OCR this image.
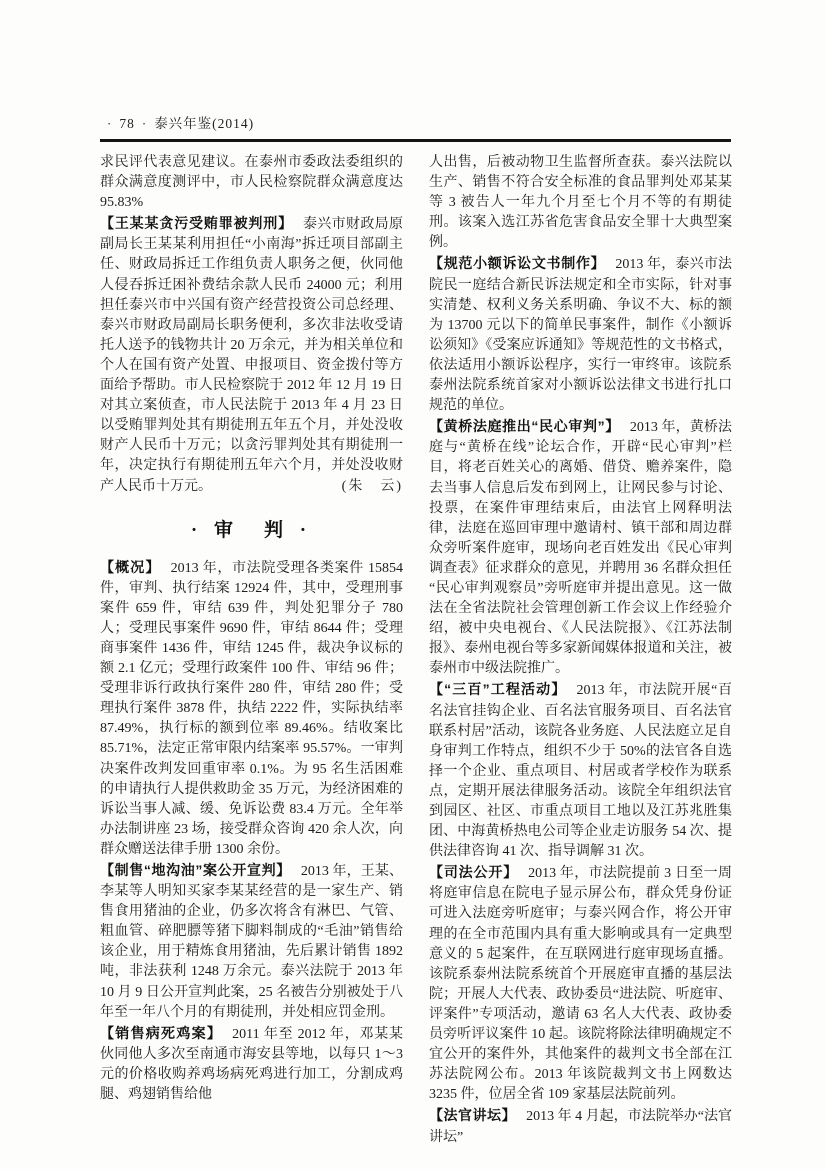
· 78 · 泰兴年鉴(2014)

求民评代表意见建议。在泰州市委政法委组织的群众满意度测评中，市人民检察院群众满意度达95.83%

【王某某贪污受贿罪被判刑】 泰兴市财政局原副局长王某某利用担任“小南海”拆迁项目部副主任、财政局拆迁工作组负责人职务之便，伙同他人侵吞拆迁困补费结余款人民币 24000 元；利用担任泰兴市中兴国有资产经营投资公司总经理、泰兴市财政局副局长职务便利，多次非法收受请托人送予的钱物共计 20 万余元，并为相关单位和个人在国有资产处置、申报项目、资金拨付等方面给予帮助。市人民检察院于 2012 年 12 月 19 日对其立案侦查，市人民法院于 2013 年 4 月 23 日以受贿罪判处其有期徒刑五年五个月，并处没收财产人民币十万元；以贪污罪判处其有期徒刑一年，决定执行有期徒刑五年六个月，并处没收财产人民币十万元。	(朱　云)

· 审　判 ·

【概况】 2013 年，市法院受理各类案件 15854 件，审判、执行结案 12924 件，其中，受理刑事案件 659 件，审结 639 件，判处犯罪分子 780 人；受理民事案件 9690 件，审结 8644 件；受理商事案件 1436 件，审结 1245 件，裁决争议标的额 2.1 亿元；受理行政案件 100 件、审结 96 件；受理非诉行政执行案件 280 件，审结 280 件；受理执行案件 3878 件，执结 2222 件，实际执结率 87.49%，执行标的额到位率 89.46%。结收案比 85.71%，法定正常审限内结案率 95.57%。一审判决案件改判发回重审率 0.1%。为 95 名生活困难的申请执行人提供救助金 35 万元，为经济困难的诉讼当事人减、缓、免诉讼费 83.4 万元。全年举办法制讲座 23 场，接受群众咨询 420 余人次，向群众赠送法律手册 1300 余份。

【制售“地沟油”案公开宣判】 2013 年，王某、李某等人明知买家李某某经营的是一家生产、销售食用猪油的企业，仍多次将含有淋巴、气管、粗血管、碎肥膘等猪下脚料制成的“毛油”销售给该企业，用于精炼食用猪油，先后累计销售 1892 吨，非法获利 1248 万余元。泰兴法院于 2013 年 10 月 9 日公开宣判此案，25 名被告分别被处于八年至一年八个月的有期徒刑，并处相应罚金刑。

【销售病死鸡案】 2011 年至 2012 年，邓某某伙同他人多次至南通市海安县等地，以每只 1～3 元的价格收购养鸡场病死鸡进行加工，分割成鸡腿、鸡翅销售给他

人出售，后被动物卫生监督所查获。泰兴法院以生产、销售不符合安全标准的食品罪判处邓某某等 3 被告人一年九个月至七个月不等的有期徒刑。该案入选江苏省危害食品安全罪十大典型案例。

【规范小额诉讼文书制作】 2013 年，泰兴市法院民一庭结合新民诉法规定和全市实际，针对事实清楚、权利义务关系明确、争议不大、标的额为 13700 元以下的简单民事案件，制作《小额诉讼须知》《受案应诉通知》等规范性的文书格式，依法适用小额诉讼程序，实行一审终审。该院系泰州法院系统首家对小额诉讼法律文书进行扎口规范的单位。

【黄桥法庭推出“民心审判”】 2013 年，黄桥法庭与“黄桥在线”论坛合作，开辟“民心审判”栏目，将老百姓关心的离婚、借贷、赡养案件，隐去当事人信息后发布到网上，让网民参与讨论、投票，在案件审理结束后，由法官上网释明法律，法庭在巡回审理中邀请村、镇干部和周边群众旁听案件庭审，现场向老百姓发出《民心审判调查表》征求群众的意见，并聘用 36 名群众担任“民心审判观察员”旁听庭审并提出意见。这一做法在全省法院社会管理创新工作会议上作经验介绍，被中央电视台、《人民法院报》、《江苏法制报》、泰州电视台等多家新闻媒体报道和关注，被泰州市中级法院推广。

【“三百”工程活动】 2013 年，市法院开展“百名法官挂钩企业、百名法官服务项目、百名法官联系村居”活动，该院各业务庭、人民法庭立足自身审判工作特点，组织不少于 50%的法官各自选择一个企业、重点项目、村居或者学校作为联系点，定期开展法律服务活动。该院全年组织法官到园区、社区、市重点项目工地以及江苏兆胜集团、中海黄桥热电公司等企业走访服务 54 次、提供法律咨询 41 次、指导调解 31 次。

【司法公开】 2013 年，市法院提前 3 日至一周将庭审信息在院电子显示屏公布，群众凭身份证可进入法庭旁听庭审；与泰兴网合作，将公开审理的在全市范围内具有重大影响或具有一定典型意义的 5 起案件，在互联网进行庭审现场直播。该院系泰州法院系统首个开展庭审直播的基层法院；开展人大代表、政协委员“进法院、听庭审、评案件”专项活动，邀请 63 名人大代表、政协委员旁听评议案件 10 起。该院将除法律明确规定不宜公开的案件外，其他案件的裁判文书全部在江苏法院网公布。2013 年该院裁判文书上网数达 3235 件，位居全省 109 家基层法院前列。

【法官讲坛】 2013 年 4 月起，市法院举办“法官讲坛”
